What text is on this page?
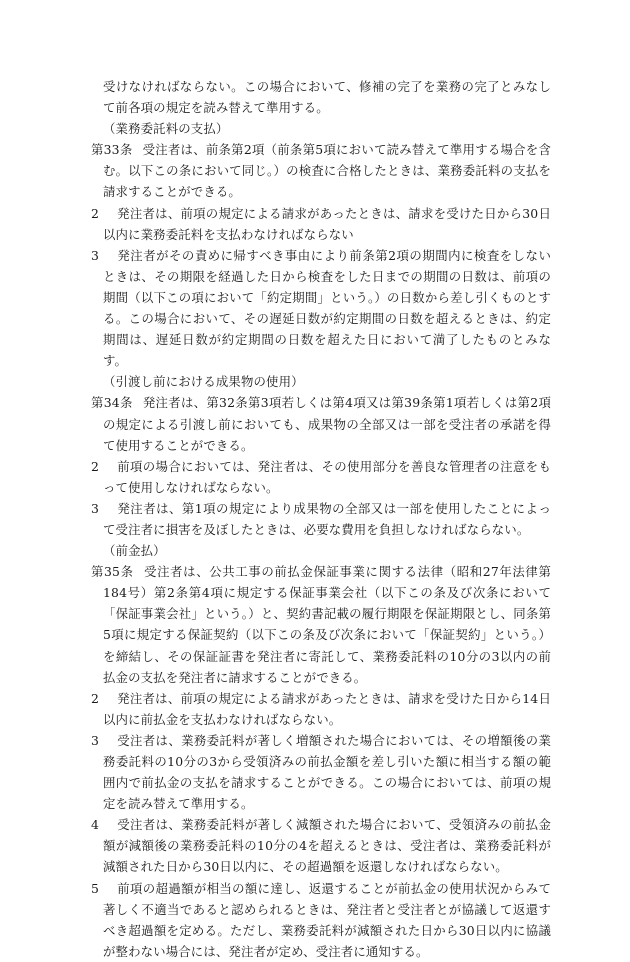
受けなければならない。この場合において、修補の完了を業務の完了とみなして前各項の規定を読み替えて準用する。

（業務委託料の支払）

第33条 受注者は、前条第2項（前条第5項において読み替えて準用する場合を含む。以下この条において同じ。）の検査に合格したときは、業務委託料の支払を請求することができる。

2 発注者は、前項の規定による請求があったときは、請求を受けた日から30日以内に業務委託料を支払わなければならない

3 発注者がその責めに帰すべき事由により前条第2項の期間内に検査をしないときは、その期限を経過した日から検査をした日までの期間の日数は、前項の期間（以下この項において「約定期間」という。）の日数から差し引くものとする。この場合において、その遅延日数が約定期間の日数を超えるときは、約定期間は、遅延日数が約定期間の日数を超えた日において満了したものとみなす。

（引渡し前における成果物の使用）

第34条 発注者は、第32条第3項若しくは第4項又は第39条第1項若しくは第2項の規定による引渡し前においても、成果物の全部又は一部を受注者の承諾を得て使用することができる。

2 前項の場合においては、発注者は、その使用部分を善良な管理者の注意をもって使用しなければならない。

3 発注者は、第1項の規定により成果物の全部又は一部を使用したことによって受注者に損害を及ぼしたときは、必要な費用を負担しなければならない。

（前金払）

第35条 受注者は、公共工事の前払金保証事業に関する法律（昭和27年法律第184号）第2条第4項に規定する保証事業会社（以下この条及び次条において「保証事業会社」という。）と、契約書記載の履行期限を保証期限とし、同条第5項に規定する保証契約（以下この条及び次条において「保証契約」という。）を締結し、その保証証書を発注者に寄託して、業務委託料の10分の3以内の前払金の支払を発注者に請求することができる。

2 発注者は、前項の規定による請求があったときは、請求を受けた日から14日以内に前払金を支払わなければならない。

3 受注者は、業務委託料が著しく増額された場合においては、その増額後の業務委託料の10分の3から受領済みの前払金額を差し引いた額に相当する額の範囲内で前払金の支払を請求することができる。この場合においては、前項の規定を読み替えて準用する。

4 受注者は、業務委託料が著しく減額された場合において、受領済みの前払金額が減額後の業務委託料の10分の4を超えるときは、受注者は、業務委託料が減額された日から30日以内に、その超過額を返還しなければならない。

5 前項の超過額が相当の額に達し、返還することが前払金の使用状況からみて著しく不適当であると認められるときは、発注者と受注者とが協議して返還すべき超過額を定める。ただし、業務委託料が減額された日から30日以内に協議が整わない場合には、発注者が定め、受注者に通知する。
